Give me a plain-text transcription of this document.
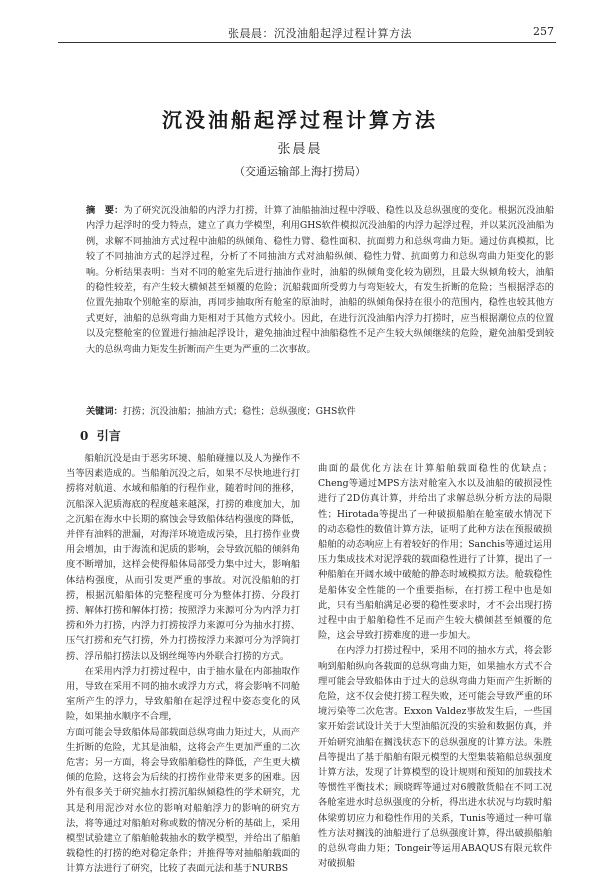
张晨晨：沉没油船起浮过程计算方法	257
沉没油船起浮过程计算方法
张晨晨
（交通运输部上海打捞局）
摘　要：为了研究沉没油船的内浮力打捞，计算了油船抽油过程中浮吸、稳性以及总纵强度的变化。根据沉没油船内浮力起浮时的受力特点，建立了真力学模型，利用GHS软件模拟沉没油船的内浮力起浮过程，并以某沉没油船为例，求解不同抽油方式过程中油船的纵倾角、稳性力臂、稳性面积、抗面剪力和总纵弯曲力矩。通过仿真模拟，比较了不同抽油方式的起浮过程，分析了不同抽油方式对油船纵倾、稳性力臂、抗面剪力和总纵弯曲力矩变化的影响。分析结果表明：当对不同的舱室先后进行抽油作业时，油船的纵倾角变化较为剧烈，且最大纵倾角较大，油船的稳性较差，有产生较大横倾甚至倾覆的危险；沉船载面所受剪力与弯矩较大，有发生折断的危险；当根据浮态的位置先抽取个别舱室的原油，再同步抽取所有舱室的原油时，油船的纵倾角保持在很小的范围内，稳性也较其他方式更好，油船的总纵弯曲力矩相对于其他方式较小。因此，在进行沉没油船内浮力打捞时，应当根据潮位点的位置以及完整舱室的位置进行抽油起浮设计，避免抽油过程中油船稳性不足产生较大纵倾继续的危险，避免油船受到较大的总纵弯曲力矩发生折断而产生更为严重的二次事故。
关键词：打捞；沉没油船；抽油方式；稳性；总纵强度；GHS软件
0 引言

船舶沉没是由于恶劣环境、船舶碰撞以及人为操作不当等因素造成的。当船舶沉没之后，如果不尽快地进行打捞将对航道、水域和船舶的行程作业，随着时间的推移，沉船深入泥质海底的程度越来越深，打捞的难度加大，加之沉船在海水中长期的腐蚀会导致船体结构强度的降低，并伴有油料的泄漏，对海洋环境造成污染，且打捞作业费用会增加，由于海流和泥质的影响，会导致沉船的倾斜角度不断增加，这样会使得船体局部受力集中过大，影响船体结构强度，从而引发更严重的事故。对沉没船舶的打捞，根据沉船船体的完整程度可分为整体打捞、分段打捞、解体打捞和解体打捞；按照浮力来源可分为内浮力打捞和外力打捞，内浮力打捞按浮力来源可分为抽水打捞、压气打捞和充气打捞，外力打捞按浮力来源可分为浮筒打捞、浮吊船打捞法以及钢丝绳等内外联合打捞的方式。

在采用内浮力打捞过程中，由于抽水量在内部抽取作用，导致在采用不同的抽水或浮力方式，将会影响不同舱室所产生的浮力，导致船舶在起浮过程中姿态变化的风险，如果抽水顺序不合理，

方面可能会导致船体局部载面总纵弯曲力矩过大，从而产生折断的危险，尤其是油船，这将会产生更加严重的二次危害；另一方面，将会导致船舶稳性的降低，产生更大横倾的危险，这将会为后续的打捞作业带来更多的困难。因外有很多关于研究抽水打捞沉船纵倾稳性的学术研究，尤其是利用泥沙对水位的影响对船舶浮力的影响的研究方法，将等通过对船舶对称或数的情况分析的基础上，采用模型试验建立了船舶舱载抽水的数学模型，并给出了船舶载稳性的打捞的绝对稳定条件；并推得等对抽船舶载面的计算方法进行了研究，比较了表面元法和基于NURBS

曲面的最优化方法在计算船舶载面稳性的优缺点；Cheng等通过MPS方法对舱室入水以及油船的破损浸性进行了2D仿真计算，并给出了求解总纵分析方法的局限性；Hirotada等提出了一种破损船舶在舱室破水情况下的动态稳性的数值计算方法，证明了此种方法在预报破损船舶的动态响应上有着较好的作用；Sanchis等通过运用压力集成技术对泥浮载的载面稳性进行了计算，提出了一种船舶在开阔水域中破舱的静态时域模拟方法。舱载稳性是船体安全性能的一个重要指标，在打捞工程中也是如此，只有当船舶满足必要的稳性要求时，才不会出现打捞过程中由于船舶稳性不足而产生较大横倾甚至倾覆的危险，这会导致打捞难度的进一步加大。

在内浮力打捞过程中，采用不同的抽水方式，将会影响到船舶纵向各载面的总纵弯曲力矩，如果抽水方式不合理可能会导致船体由于过大的总纵弯曲力矩而产生折断的危险，这不仅会使打捞工程失败，还可能会导致严重的环境污染等二次危害。Exxon Valdez事故发生后，一些国家开始尝试设计关于大型油船沉没的实验和数据仿真，并开始研究油船在搁浅状态下的总纵强度的计算方法。朱胜昌等提出了基于船舶有限元模型的大型集装箱船总纵强度计算方法，发现了计算模型的设计规则和预知的加载技术等惯性平衡技术；顾晓晖等通过对6艘散货船在不同工况各舱室进水时总纵强度的分析，得出进水状况与均载时船体梁剪切应力和稳性作用的关系，Tunis等通过一种可靠性方法对搁浅的油船进行了总纵强度计算，得出破损船舶的总纵弯曲力矩；Tongeir等运用ABAQUS有限元软件对破损船
